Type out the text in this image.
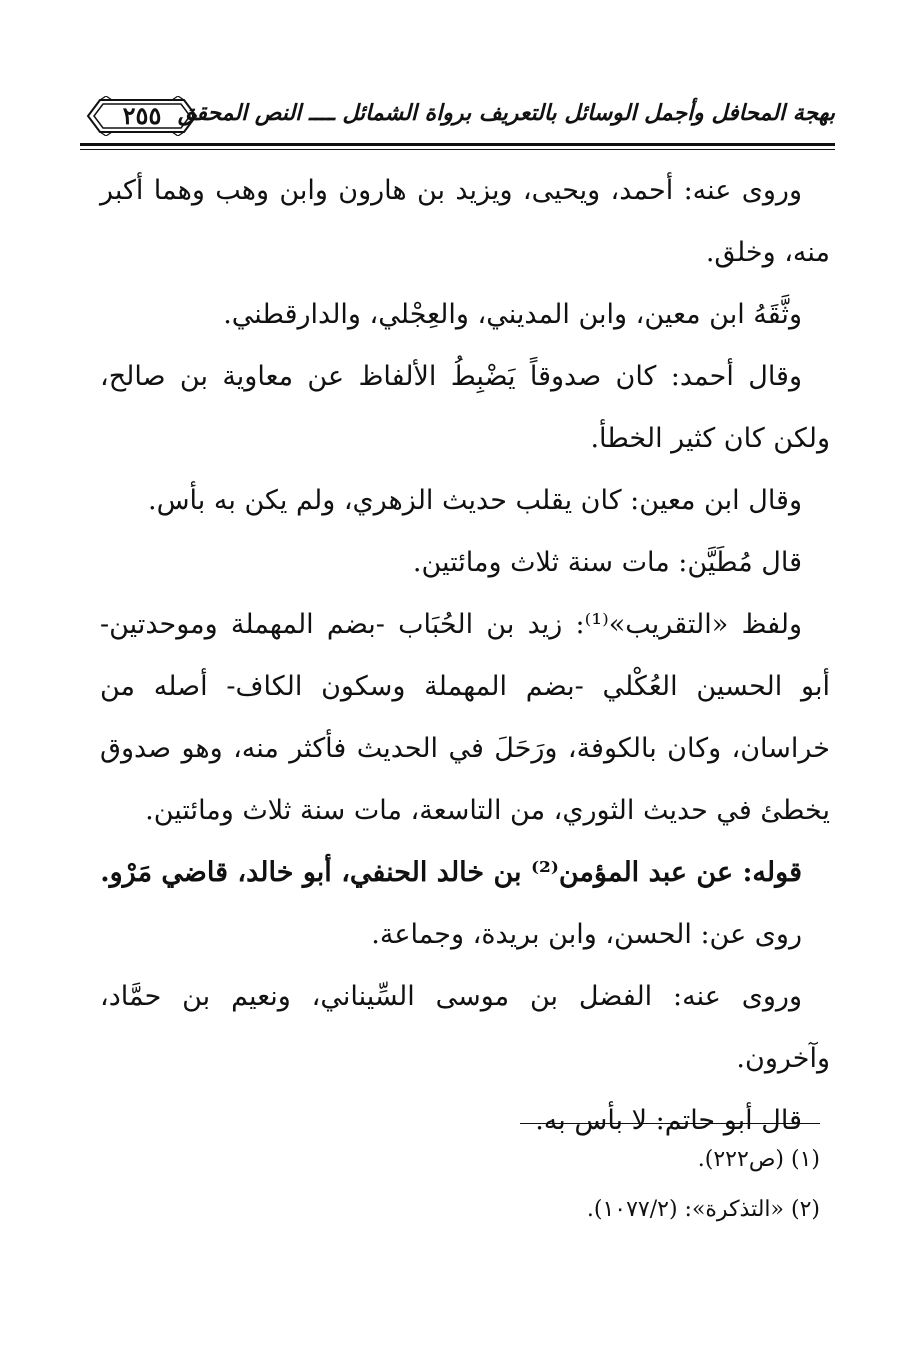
بهجة المحافل وأجمل الوسائل بالتعريف برواة الشمائل ــــ النص المحقق
٢٥٥

وروى عنه: أحمد، ويحيى، ويزيد بن هارون وابن وهب وهما أكبر منه، وخلق.

وثَّقَهُ ابن معين، وابن المديني، والعِجْلي، والدارقطني.

وقال أحمد: كان صدوقاً يَضْبِطُ الألفاظ عن معاوية بن صالح، ولكن كان كثير الخطأ.

وقال ابن معين: كان يقلب حديث الزهري، ولم يكن به بأس.

قال مُطَيَّن: مات سنة ثلاث ومائتين.

ولفظ «التقريب»⁽¹⁾: زيد بن الحُبَاب -بضم المهملة وموحدتين- أبو الحسين العُكْلي -بضم المهملة وسكون الكاف- أصله من خراسان، وكان بالكوفة، ورَحَلَ في الحديث فأكثر منه، وهو صدوق يخطئ في حديث الثوري، من التاسعة، مات سنة ثلاث ومائتين.

قوله: عن عبد المؤمن⁽²⁾ بن خالد الحنفي، أبو خالد، قاضي مَرْو.

روى عن: الحسن، وابن بريدة، وجماعة.

وروى عنه: الفضل بن موسى السِّيناني، ونعيم بن حمَّاد، وآخرون.

قال أبو حاتم: لا بأس به.

(١) (ص٢٢٢).

(٢) «التذكرة»: (١٠٧٧/٢).
